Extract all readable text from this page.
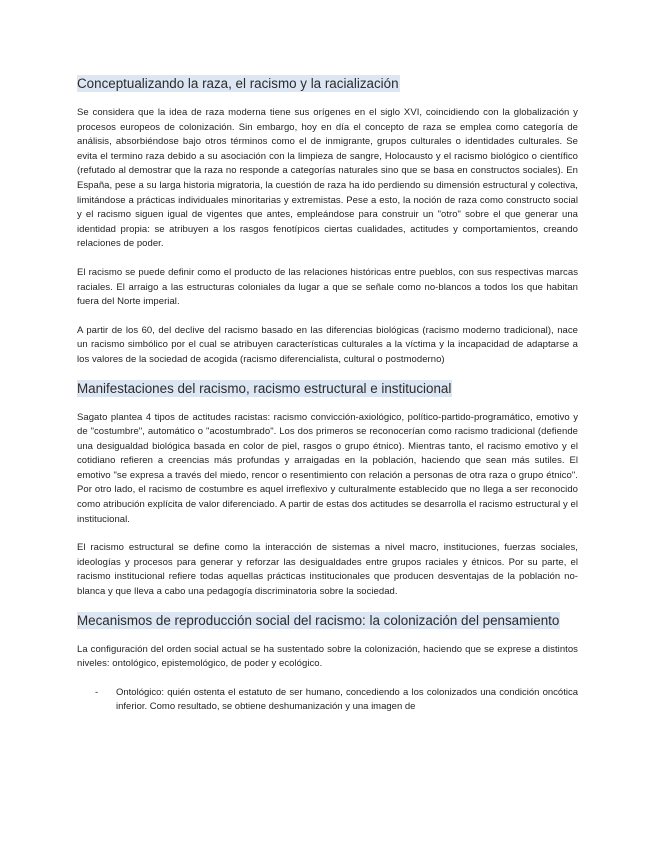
Conceptualizando la raza, el racismo y la racialización

Se considera que la idea de raza moderna tiene sus orígenes en el siglo XVI, coincidiendo con la globalización y procesos europeos de colonización. Sin embargo, hoy en día el concepto de raza se emplea como categoría de análisis, absorbiéndose bajo otros términos como el de inmigrante, grupos culturales o identidades culturales. Se evita el termino raza debido a su asociación con la limpieza de sangre, Holocausto y el racismo biológico o científico (refutado al demostrar que la raza no responde a categorías naturales sino que se basa en constructos sociales). En España, pese a su larga historia migratoria, la cuestión de raza ha ido perdiendo su dimensión estructural y colectiva, limitándose a prácticas individuales minoritarias y extremistas. Pese a esto, la noción de raza como constructo social y el racismo siguen igual de vigentes que antes, empleándose para construir un "otro" sobre el que generar una identidad propia: se atribuyen a los rasgos fenotípicos ciertas cualidades, actitudes y comportamientos, creando relaciones de poder.

El racismo se puede definir como el producto de las relaciones históricas entre pueblos, con sus respectivas marcas raciales. El arraigo a las estructuras coloniales da lugar a que se señale como no-blancos a todos los que habitan fuera del Norte imperial.

A partir de los 60, del declive del racismo basado en las diferencias biológicas (racismo moderno tradicional), nace un racismo simbólico por el cual se atribuyen características culturales a la víctima y la incapacidad de adaptarse a los valores de la sociedad de acogida (racismo diferencialista, cultural o postmoderno)

Manifestaciones del racismo, racismo estructural e institucional

Sagato plantea 4 tipos de actitudes racistas: racismo convicción-axiológico, político-partido-programático, emotivo y de "costumbre", automático o "acostumbrado". Los dos primeros se reconocerían como racismo tradicional (defiende una desigualdad biológica basada en color de piel, rasgos o grupo étnico). Mientras tanto, el racismo emotivo y el cotidiano refieren a creencias más profundas y arraigadas en la población, haciendo que sean más sutiles. El emotivo "se expresa a través del miedo, rencor o resentimiento con relación a personas de otra raza o grupo étnico". Por otro lado, el racismo de costumbre es aquel irreflexivo y culturalmente establecido que no llega a ser reconocido como atribución explícita de valor diferenciado. A partir de estas dos actitudes se desarrolla el racismo estructural y el institucional.

El racismo estructural se define como la interacción de sistemas a nivel macro, instituciones, fuerzas sociales, ideologías y procesos para generar y reforzar las desigualdades entre grupos raciales y étnicos. Por su parte, el racismo institucional refiere todas aquellas prácticas institucionales que producen desventajas de la población no-blanca y que lleva a cabo una pedagogía discriminatoria sobre la sociedad.

Mecanismos de reproducción social del racismo: la colonización del pensamiento

La configuración del orden social actual se ha sustentado sobre la colonización, haciendo que se exprese a distintos niveles: ontológico, epistemológico, de poder y ecológico.

- Ontológico: quién ostenta el estatuto de ser humano, concediendo a los colonizados una condición oncótica inferior. Como resultado, se obtiene deshumanización y una imagen de
